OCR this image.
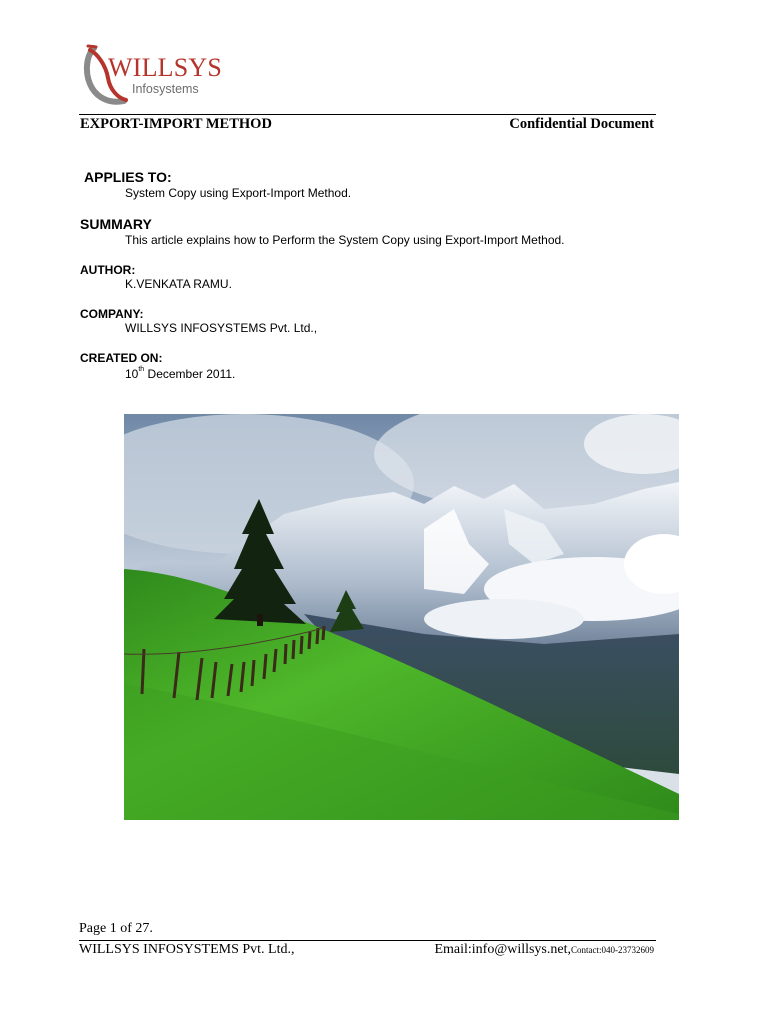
WILLSYS
Infosystems
EXPORT-IMPORT METHOD	Confidential Document
APPLIES TO:
System Copy using Export-Import Method.
SUMMARY
This article explains how to Perform the System Copy using Export-Import Method.
AUTHOR:
K.VENKATA RAMU.
COMPANY:
WILLSYS INFOSYSTEMS Pvt. Ltd.,
CREATED ON:
10th December 2011.
Page 1 of 27.
WILLSYS INFOSYSTEMS Pvt. Ltd.,	Email:info@willsys.net,Contact:040-23732609
